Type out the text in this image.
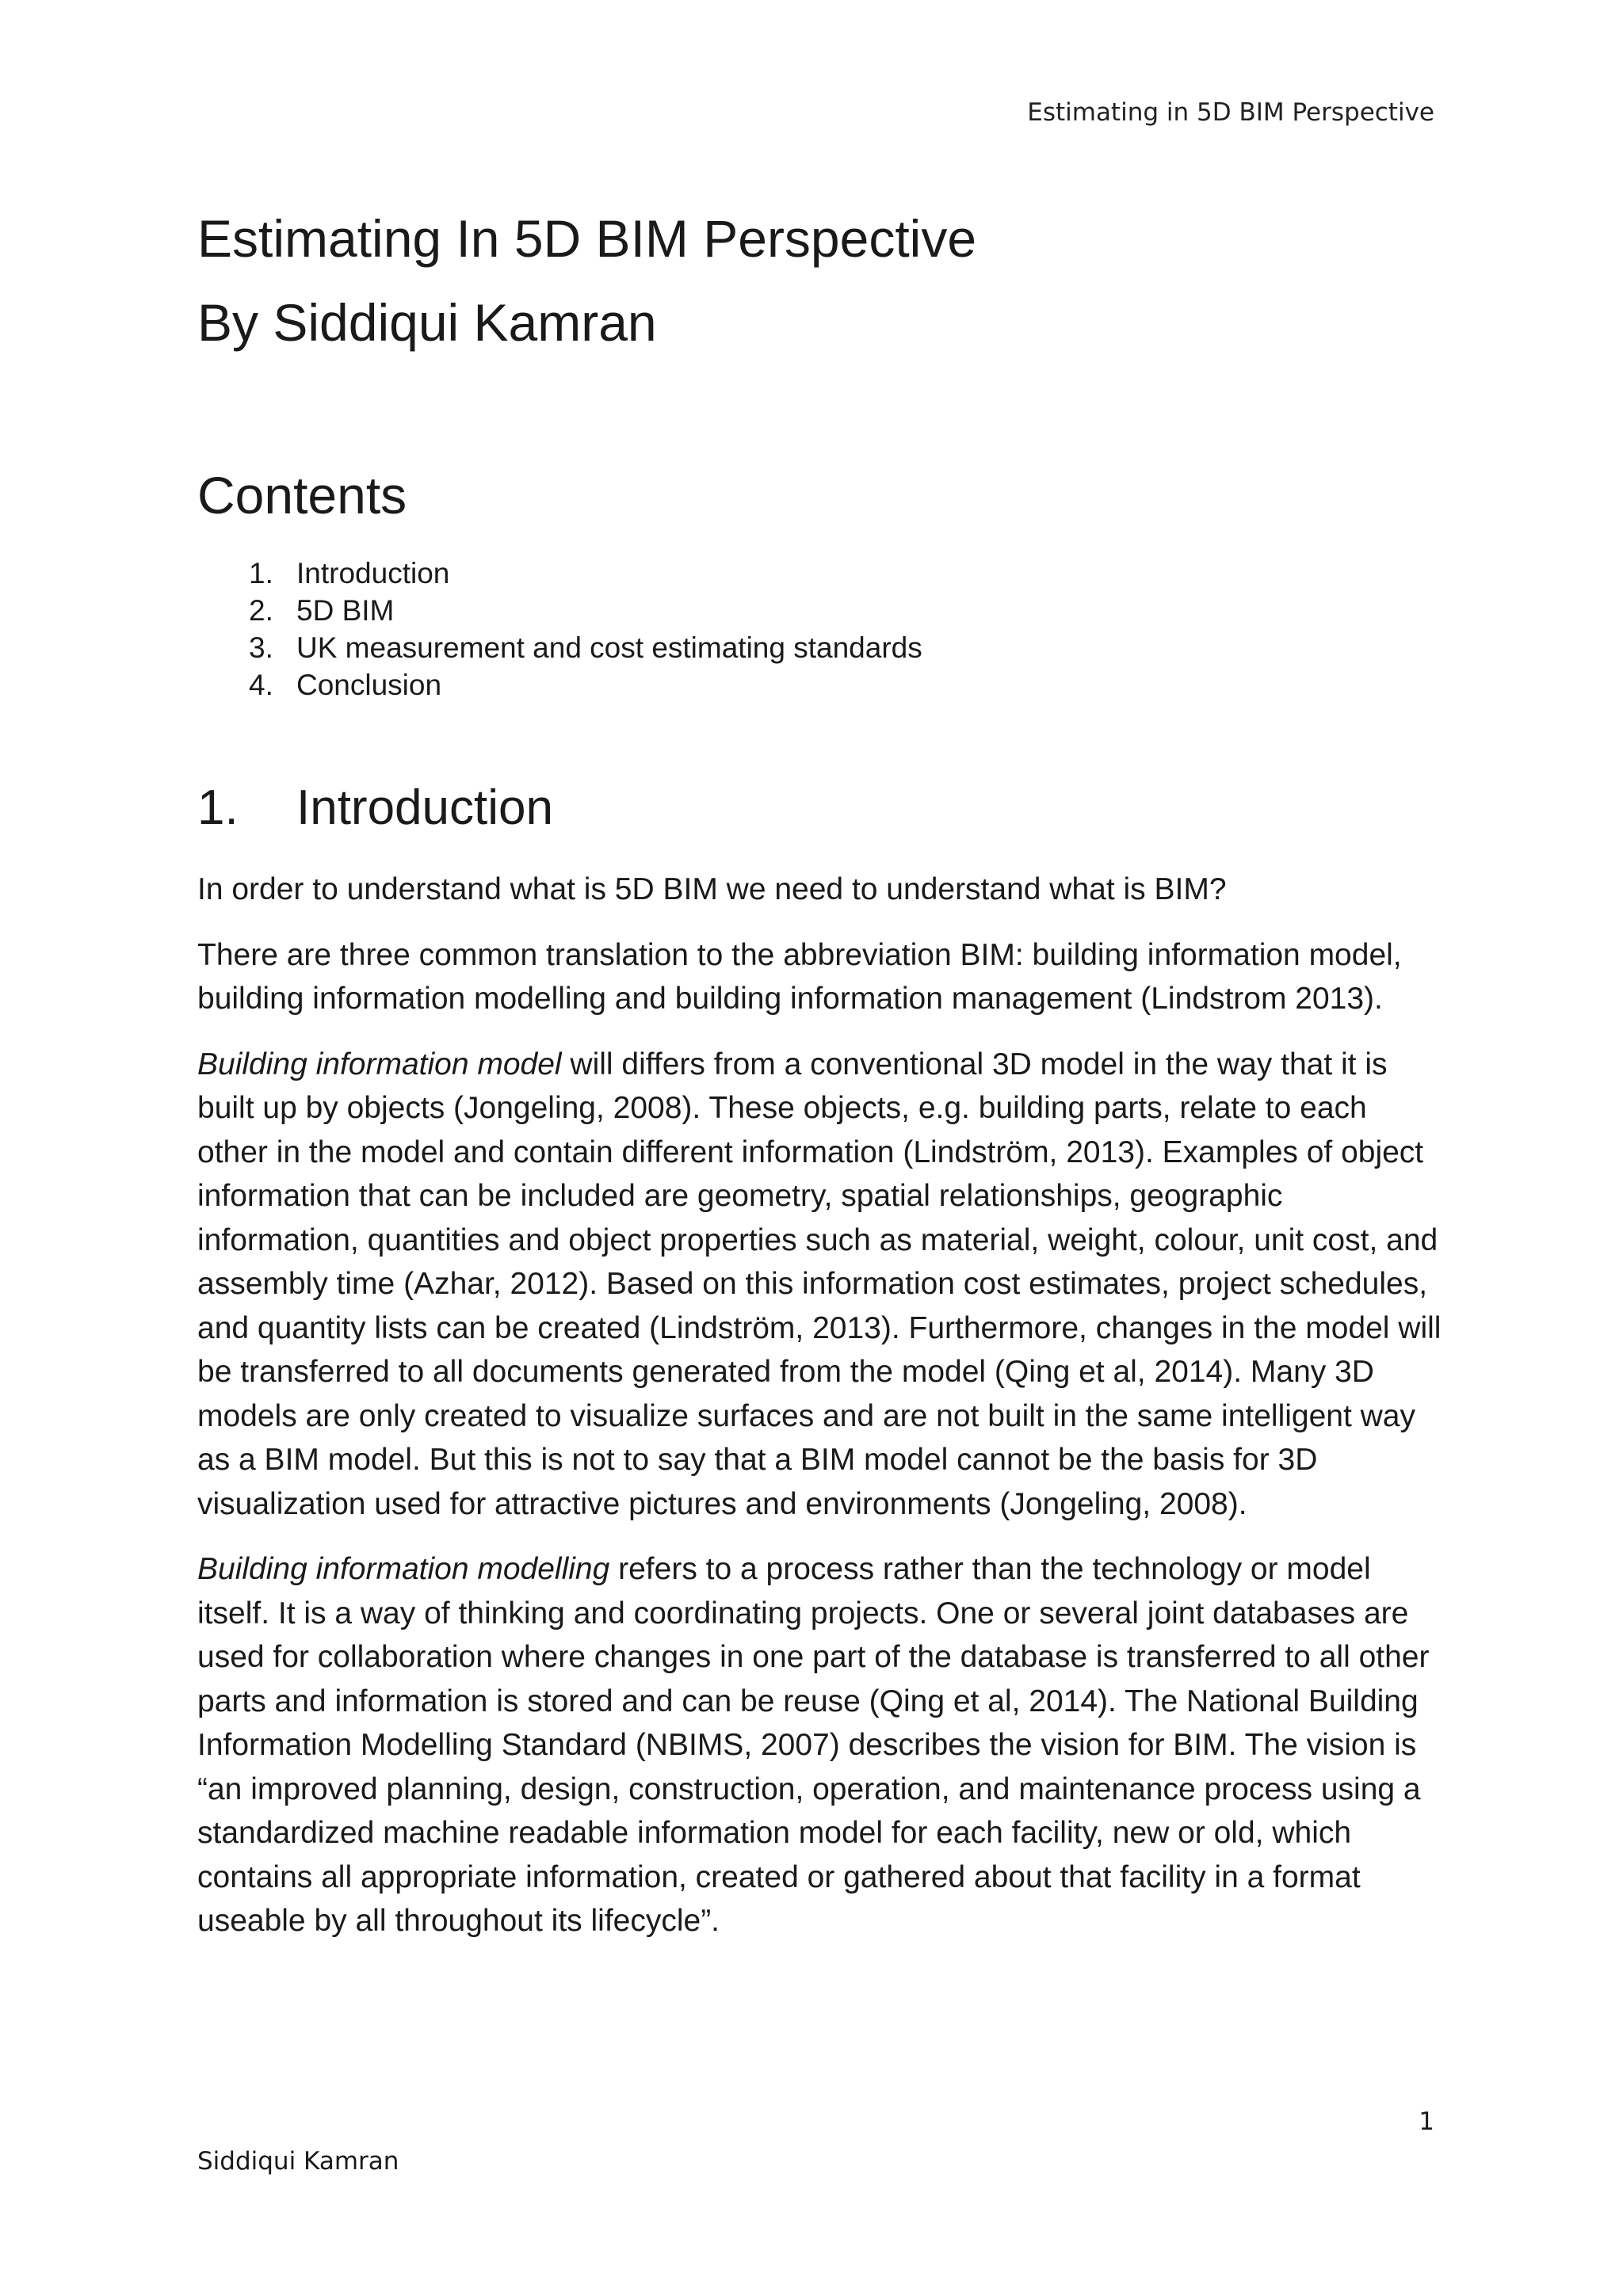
Estimating in 5D BIM Perspective
Estimating In 5D BIM Perspective
By Siddiqui Kamran
Contents
1. Introduction
2. 5D BIM
3. UK measurement and cost estimating standards
4. Conclusion
1.	Introduction

In order to understand what is 5D BIM we need to understand what is BIM?

There are three common translation to the abbreviation BIM: building information model, building information modelling and building information management (Lindstrom 2013).

Building information model will differs from a conventional 3D model in the way that it is built up by objects (Jongeling, 2008). These objects, e.g. building parts, relate to each other in the model and contain different information (Lindström, 2013). Examples of object information that can be included are geometry, spatial relationships, geographic information, quantities and object properties such as material, weight, colour, unit cost, and assembly time (Azhar, 2012). Based on this information cost estimates, project schedules, and quantity lists can be created (Lindström, 2013). Furthermore, changes in the model will be transferred to all documents generated from the model (Qing et al, 2014). Many 3D models are only created to visualize surfaces and are not built in the same intelligent way as a BIM model. But this is not to say that a BIM model cannot be the basis for 3D visualization used for attractive pictures and environments (Jongeling, 2008).

Building information modelling refers to a process rather than the technology or model itself. It is a way of thinking and coordinating projects. One or several joint databases are used for collaboration where changes in one part of the database is transferred to all other parts and information is stored and can be reuse (Qing et al, 2014). The National Building Information Modelling Standard (NBIMS, 2007) describes the vision for BIM. The vision is “an improved planning, design, construction, operation, and maintenance process using a standardized machine readable information model for each facility, new or old, which contains all appropriate information, created or gathered about that facility in a format useable by all throughout its lifecycle”.

1
Siddiqui Kamran
